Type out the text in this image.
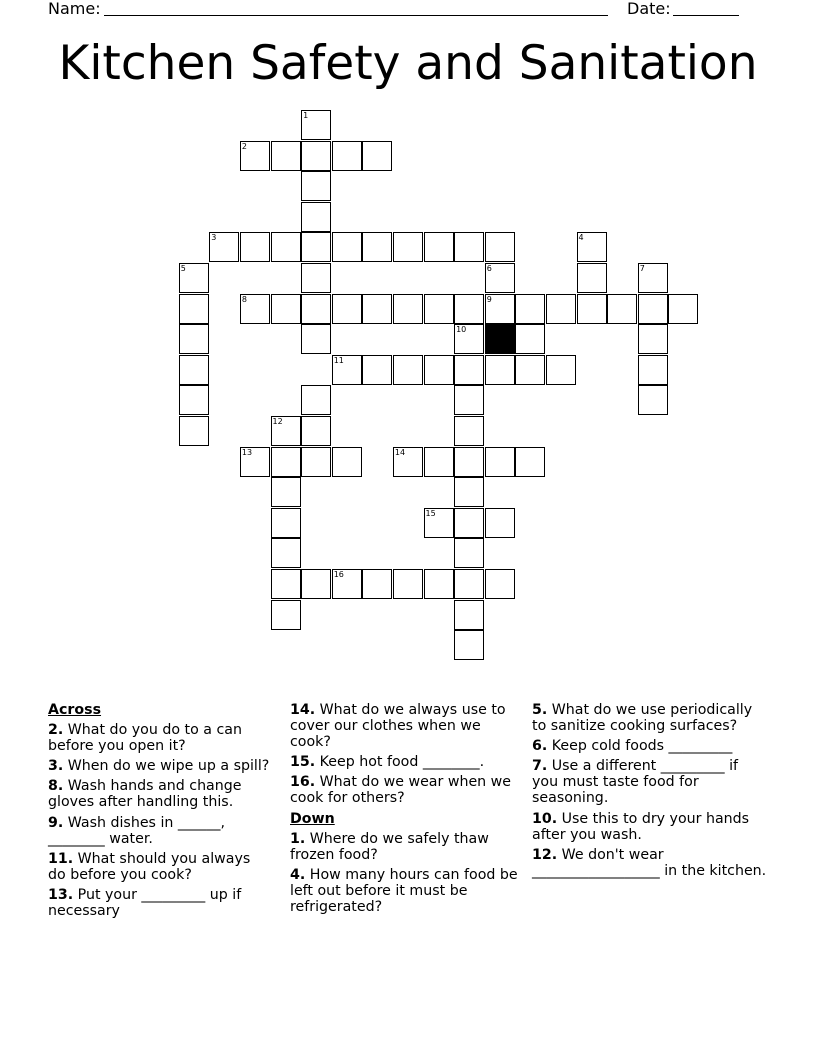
Name:	Date:
Kitchen Safety and Sanitation
1
2
3	4
5	6	7
8	9
10
11
12
13	14
15
16

Across

2. What do you do to a can before you open it?

3. When do we wipe up a spill?

8. Wash hands and change gloves after handling this.

9. Wash dishes in ______, ________ water.

11. What should you always do before you cook?

13. Put your _________ up if necessary

14. What do we always use to cover our clothes when we cook?

15. Keep hot food ________.

16. What do we wear when we cook for others?

Down

1. Where do we safely thaw frozen food?

4. How many hours can food be left out before it must be refrigerated?

5. What do we use periodically to sanitize cooking surfaces?

6. Keep cold foods _________

7. Use a different _________ if you must taste food for seasoning.

10. Use this to dry your hands after you wash.

12. We don't wear __________________ in the kitchen.
